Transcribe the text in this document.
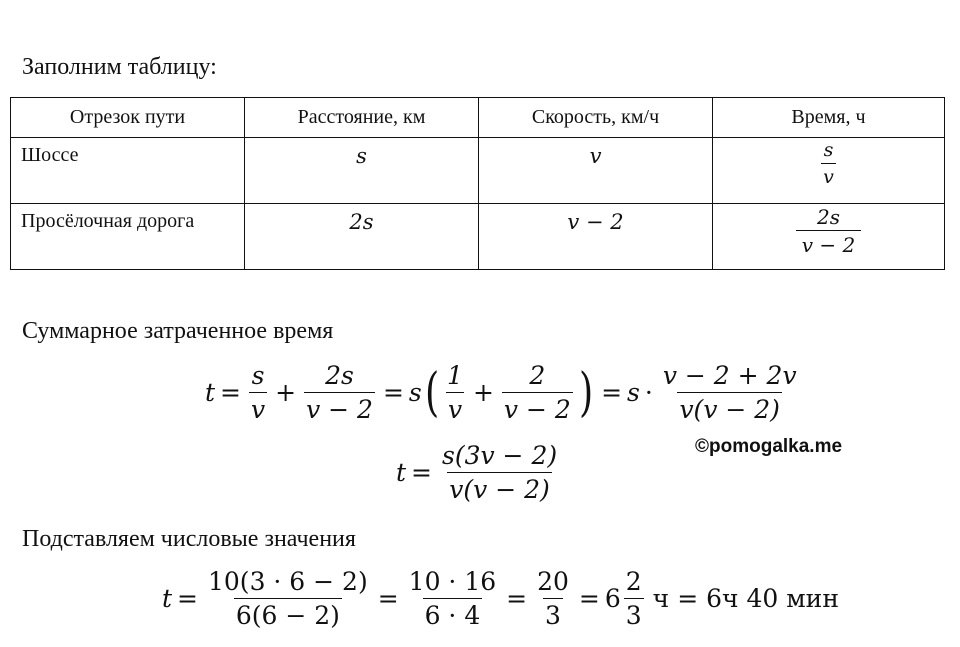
Заполним таблицу:
Отрезок пути	Расстояние, км	Скорость, км/ч	Время, ч
Шоссе	s	v	$\frac{s}{v}$

Просёлочная дорога	2s	v − 2	$\frac{2s}{v - 2}$
Суммарное затраченное время
$t = \frac{s}{v} + \frac{2s}{v - 2} = s$ ( $\frac{1}{v} + \frac{2}{v - 2}$ ) = $s \cdot \frac{v - 2 + 2v}{v(v - 2)}$
©pomogalka.me
$t = \frac{s(3v - 2)}{v(v - 2)}$
Подставляем числовые значения
$t = \frac{10(3 \cdot 6 - 2)}{6(6 - 2)} = \frac{10 \cdot 16}{6 \cdot 4} = \frac{20}{3} = 6 \frac{2}{3}$ ч = 6ч 40 мин
